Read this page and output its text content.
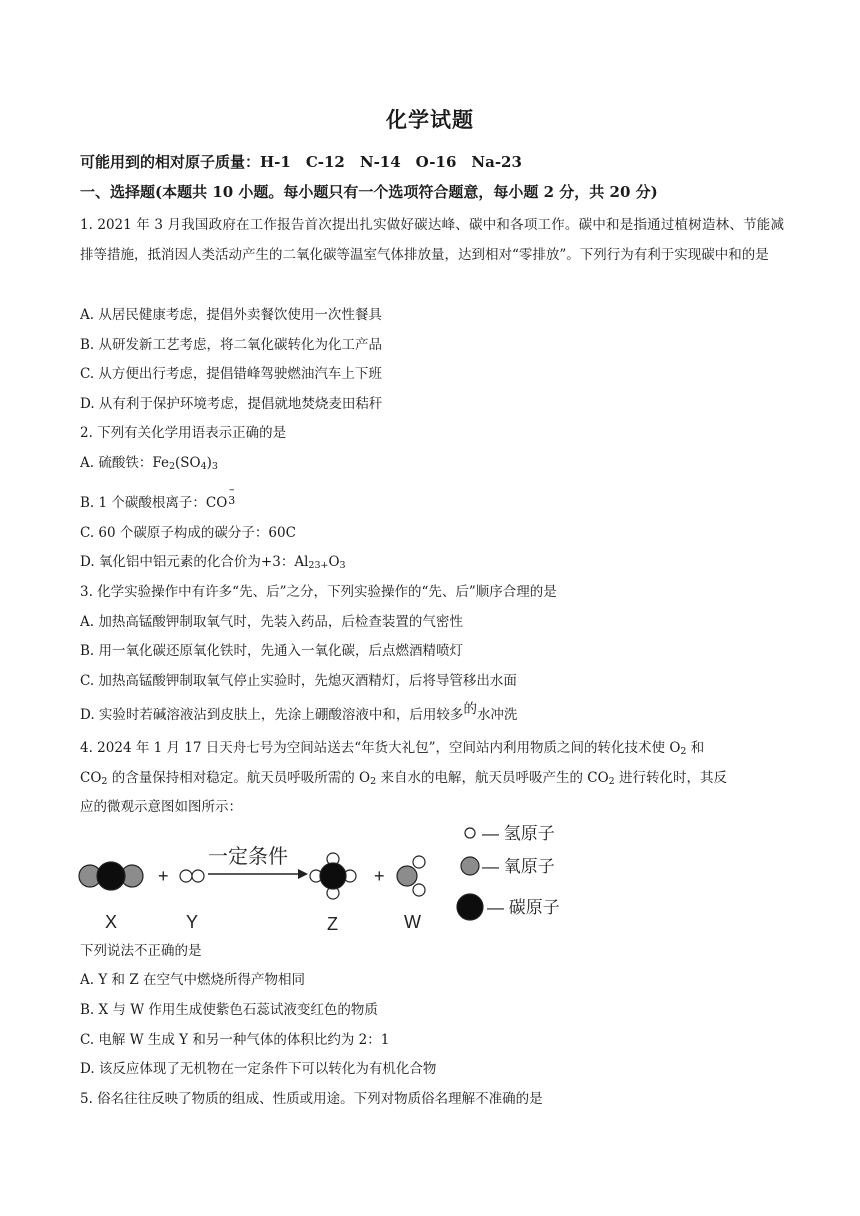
化学试题
可能用到的相对原子质量：H-1　C-12　N-14　O-16　Na-23
一、选择题(本题共 10 小题。每小题只有一个选项符合题意，每小题 2 分，共 20 分)
1. 2021 年 3 月我国政府在工作报告首次提出扎实做好碳达峰、碳中和各项工作。碳中和是指通过植树造林、节能减排等措施，抵消因人类活动产生的二氧化碳等温室气体排放量，达到相对“零排放”。下列行为有利于实现碳中和的是
A. 从居民健康考虑，提倡外卖餐饮使用一次性餐具
B. 从研发新工艺考虑，将二氧化碳转化为化工产品
C. 从方便出行考虑，提倡错峰驾驶燃油汽车上下班
D. 从有利于保护环境考虑，提倡就地焚烧麦田秸秆
2. 下列有关化学用语表示正确的是
A. 硫酸铁：$Fe_2(SO_4)_3$
B. 1 个碳酸根离子：CO
–
3
C. 60 个碳原子构成的碳分子：60C
D. 氧化铝中铝元素的化合价为+3：$Al_{23+}O_3$
3. 化学实验操作中有许多“先、后”之分，下列实验操作的“先、后”顺序合理的是
A. 加热高锰酸钾制取氧气时，先装入药品，后检查装置的气密性
B. 用一氧化碳还原氧化铁时，先通入一氧化碳，后点燃酒精喷灯
C. 加热高锰酸钾制取氧气停止实验时，先熄灭酒精灯，后将导管移出水面
D. 实验时若碱溶液沾到皮肤上，先涂上硼酸溶液中和，后用较多的水冲洗
4. 2024 年 1 月 17 日天舟七号为空间站送去“年货大礼包”，空间站内利用物质之间的转化技术使 $O_2$ 和
$CO_2$ 的含量保持相对稳定。航天员呼吸所需的 $O_2$ 来自水的电解，航天员呼吸产生的 $CO_2$ 进行转化时，其反
应的微观示意图如图所示：
+
一定条件
+
X	Y	Z	W
— 氢原子
— 氧原子
— 碳原子
下列说法不正确的是
A. Y 和 Z 在空气中燃烧所得产物相同
B. X 与 W 作用生成使紫色石蕊试液变红色的物质
C. 电解 W 生成 Y 和另一种气体的体积比约为 2：1
D. 该反应体现了无机物在一定条件下可以转化为有机化合物
5. 俗名往往反映了物质的组成、性质或用途。下列对物质俗名理解不准确的是
